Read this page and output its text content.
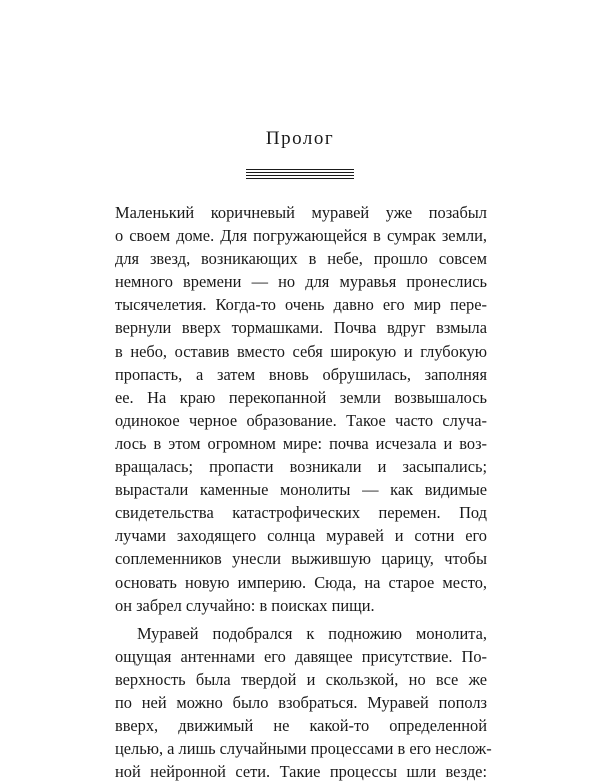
Пролог
Маленький коричневый муравей уже позабыл
о своем доме. Для погружающейся в сумрак земли,
для звезд, возникающих в небе, прошло совсем
немного времени — но для муравья пронеслись
тысячелетия. Когда-то очень давно его мир пере-
вернули вверх тормашками. Почва вдруг взмыла
в небо, оставив вместо себя широкую и глубокую
пропасть, а затем вновь обрушилась, заполняя
ее. На краю перекопанной земли возвышалось
одинокое черное образование. Такое часто случа-
лось в этом огромном мире: почва исчезала и воз-
вращалась; пропасти возникали и засыпались;
вырастали каменные монолиты — как видимые
свидетельства катастрофических перемен. Под
лучами заходящего солнца муравей и сотни его
соплеменников унесли выжившую царицу, чтобы
основать новую империю. Сюда, на старое место,
он забрел случайно: в поисках пищи.
Муравей подобрался к подножию монолита,
ощущая антеннами его давящее присутствие. По-
верхность была твердой и скользкой, но все же
по ней можно было взобраться. Муравей пополз
вверх, движимый не какой-то определенной
целью, а лишь случайными процессами в его неслож-
ной нейронной сети. Такие процессы шли везде:
